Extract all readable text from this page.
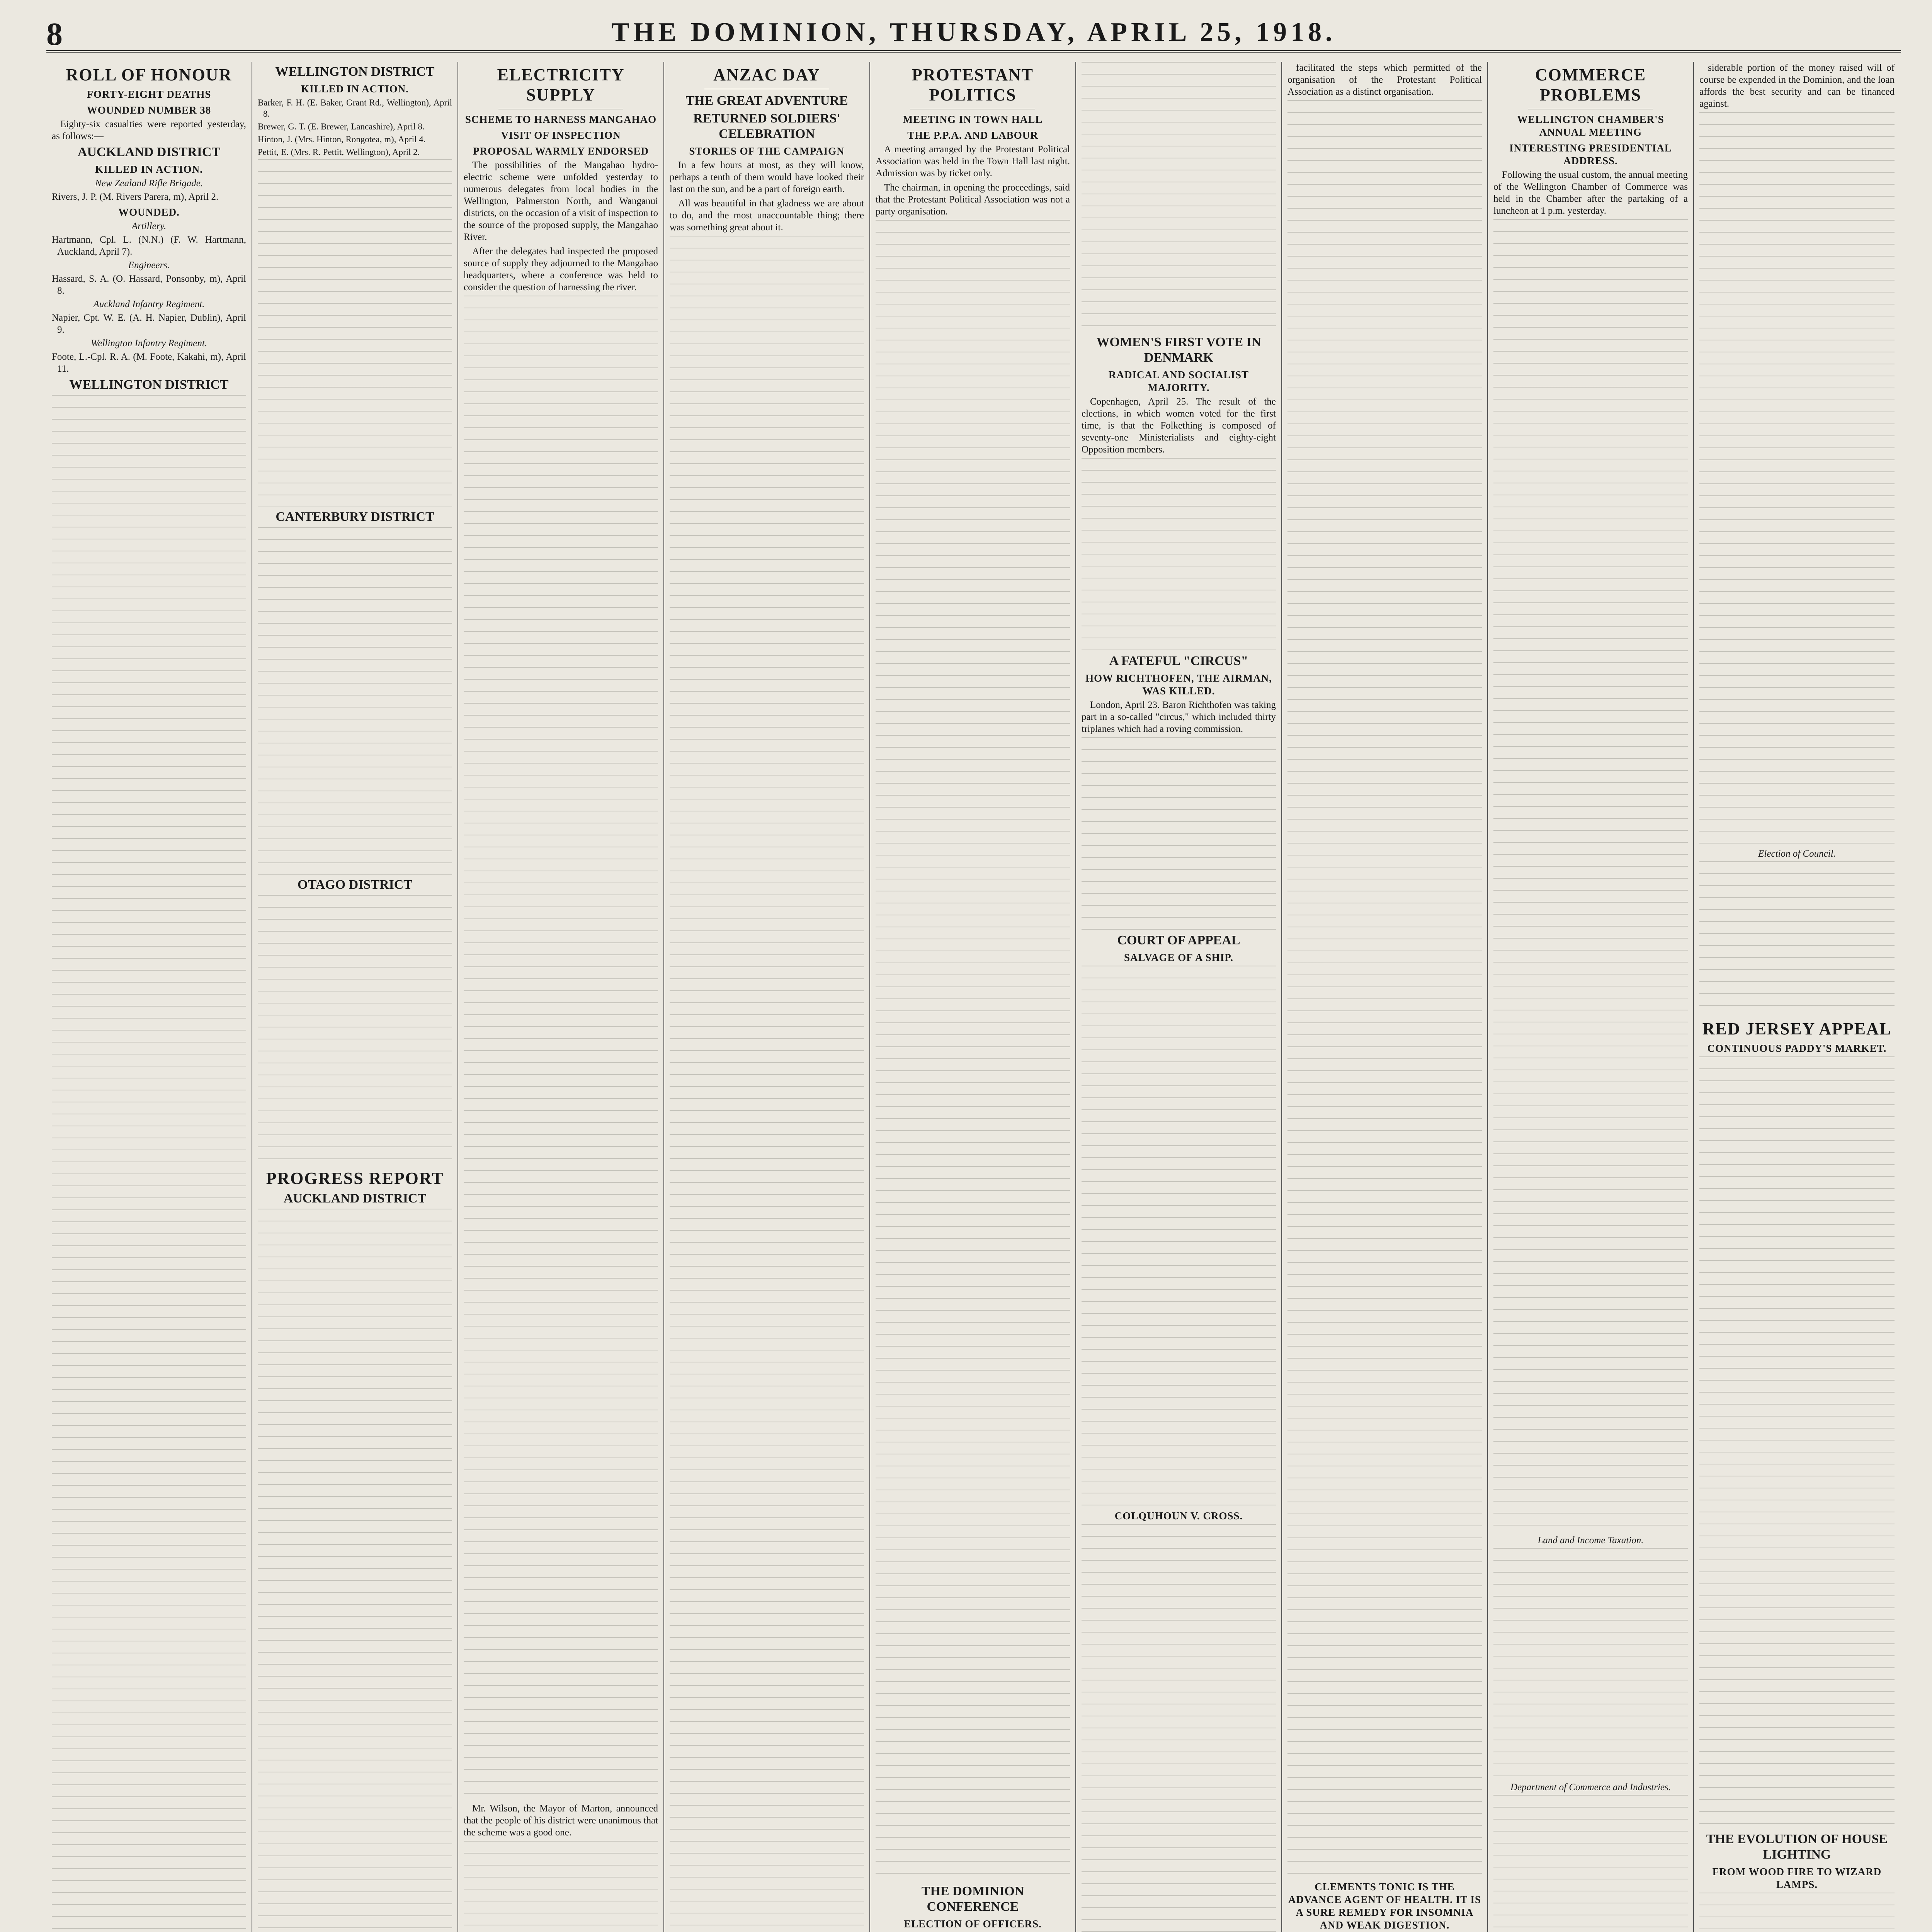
8	THE DOMINION, THURSDAY, APRIL 25, 1918.
ROLL OF HONOUR
FORTY-EIGHT DEATHS
WOUNDED NUMBER 38

Eighty-six casualties were reported yesterday, as follows:—

AUCKLAND DISTRICT
KILLED IN ACTION.
New Zealand Rifle Brigade.
Rivers, J. P. (M. Rivers Parera, m), April 2.
WOUNDED.
Artillery.
Hartmann, Cpl. L. (N.N.) (F. W. Hartmann, Auckland, April 7).
Engineers.
Hassard, S. A. (O. Hassard, Ponsonby, m), April 8.
Auckland Infantry Regiment.
Napier, Cpt. W. E. (A. H. Napier, Dublin), April 9.
Wellington Infantry Regiment.
Foote, L.-Cpl. R. A. (M. Foote, Kakahi, m), April 11.
WELLINGTON DISTRICT
WELLINGTON DISTRICT
KILLED IN ACTION.
Barker, F. H. (E. Baker, Grant Rd., Wellington), April 8.
Brewer, G. T. (E. Brewer, Lancashire), April 8.
Hinton, J. (Mrs. Hinton, Rongotea, m), April 4.
Pettit, E. (Mrs. R. Pettit, Wellington), April 2.
CANTERBURY DISTRICT
OTAGO DISTRICT
PROGRESS REPORT
AUCKLAND DISTRICT
ELECTRICITY SUPPLY
SCHEME TO HARNESS MANGAHAO
VISIT OF INSPECTION
PROPOSAL WARMLY ENDORSED

The possibilities of the Mangahao hydro-electric scheme were unfolded yesterday to numerous delegates from local bodies in the Wellington, Palmerston North, and Wanganui districts, on the occasion of a visit of inspection to the source of the proposed supply, the Mangahao River.

After the delegates had inspected the proposed source of supply they adjourned to the Mangahao headquarters, where a conference was held to consider the question of harnessing the river.

Mr. Wilson, the Mayor of Marton, announced that the people of his district were unanimous that the scheme was a good one.

ANZAC DAY
THE GREAT ADVENTURE
RETURNED SOLDIERS' CELEBRATION
STORIES OF THE CAMPAIGN

In a few hours at most, as they will know, perhaps a tenth of them would have looked their last on the sun, and be a part of foreign earth.

All was beautiful in that gladness we are about to do, and the most unaccountable thing; there was something great about it.

PROTESTANT POLITICS
MEETING IN TOWN HALL
THE P.P.A. AND LABOUR

A meeting arranged by the Protestant Political Association was held in the Town Hall last night. Admission was by ticket only.

The chairman, in opening the proceedings, said that the Protestant Political Association was not a party organisation.

THE DOMINION CONFERENCE
ELECTION OF OFFICERS.

WOMEN'S FIRST VOTE IN DENMARK
RADICAL AND SOCIALIST MAJORITY.

Copenhagen, April 25. The result of the elections, in which women voted for the first time, is that the Folkething is composed of seventy-one Ministerialists and eighty-eight Opposition members.

A FATEFUL "CIRCUS"
HOW RICHTHOFEN, THE AIRMAN, WAS KILLED.

London, April 23. Baron Richthofen was taking part in a so-called "circus," which included thirty triplanes which had a roving commission.

COURT OF APPEAL
SALVAGE OF A SHIP.
COLQUHOUN V. CROSS.

facilitated the steps which permitted of the organisation of the Protestant Political Association as a distinct organisation.

CLEMENTS TONIC IS THE ADVANCE AGENT OF HEALTH. IT IS A SURE REMEDY FOR INSOMNIA AND WEAK DIGESTION.

COMMERCE PROBLEMS
WELLINGTON CHAMBER'S ANNUAL MEETING
INTERESTING PRESIDENTIAL ADDRESS.

Following the usual custom, the annual meeting of the Wellington Chamber of Commerce was held in the Chamber after the partaking of a luncheon at 1 p.m. yesterday.

Land and Income Taxation.
Department of Commerce and Industries.

siderable portion of the money raised will of course be expended in the Dominion, and the loan affords the best security and can be financed against.

Election of Council.
RED JERSEY APPEAL
CONTINUOUS PADDY'S MARKET.
THE EVOLUTION OF HOUSE LIGHTING
FROM WOOD FIRE TO WIZARD LAMPS.
